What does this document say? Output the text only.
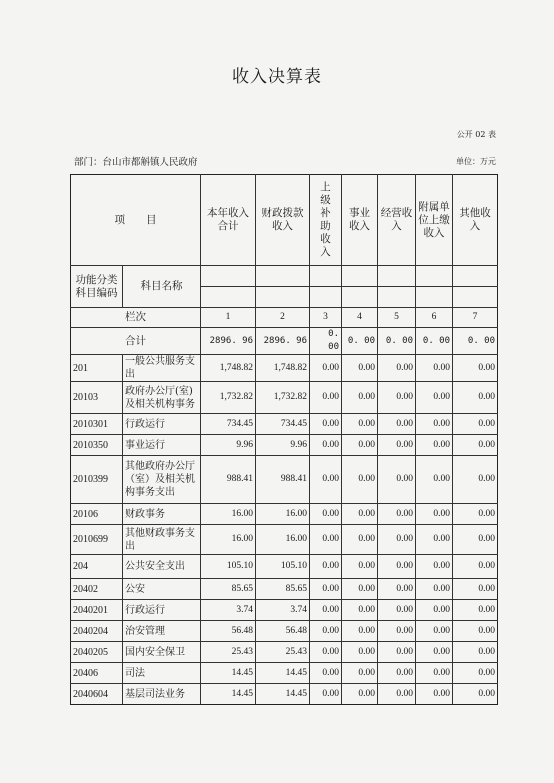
收入决算表
公开 02 表
部门：台山市都斛镇人民政府	单位：万元
项　　目		本年收入合计	财政拨款收入	上级补助收入	事业收入	经营收入	附属单位上缴收入	其他收入
功能分类科目编码	科目名称							

栏次		1	2	3	4	5	6	7
合计		2896. 96	2896. 96	0. 00	0. 00	0. 00	0. 00	0. 00
201	一般公共服务支出	1,748.82	1,748.82	0.00	0.00	0.00	0.00	0.00
20103	政府办公厅(室)及相关机构事务	1,732.82	1,732.82	0.00	0.00	0.00	0.00	0.00
2010301	行政运行	734.45	734.45	0.00	0.00	0.00	0.00	0.00
2010350	事业运行	9.96	9.96	0.00	0.00	0.00	0.00	0.00
2010399	其他政府办公厅（室）及相关机构事务支出	988.41	988.41	0.00	0.00	0.00	0.00	0.00
20106	财政事务	16.00	16.00	0.00	0.00	0.00	0.00	0.00
2010699	其他财政事务支出	16.00	16.00	0.00	0.00	0.00	0.00	0.00
204	公共安全支出	105.10	105.10	0.00	0.00	0.00	0.00	0.00
20402	公安	85.65	85.65	0.00	0.00	0.00	0.00	0.00
2040201	行政运行	3.74	3.74	0.00	0.00	0.00	0.00	0.00
2040204	治安管理	56.48	56.48	0.00	0.00	0.00	0.00	0.00
2040205	国内安全保卫	25.43	25.43	0.00	0.00	0.00	0.00	0.00
20406	司法	14.45	14.45	0.00	0.00	0.00	0.00	0.00
2040604	基层司法业务	14.45	14.45	0.00	0.00	0.00	0.00	0.00
